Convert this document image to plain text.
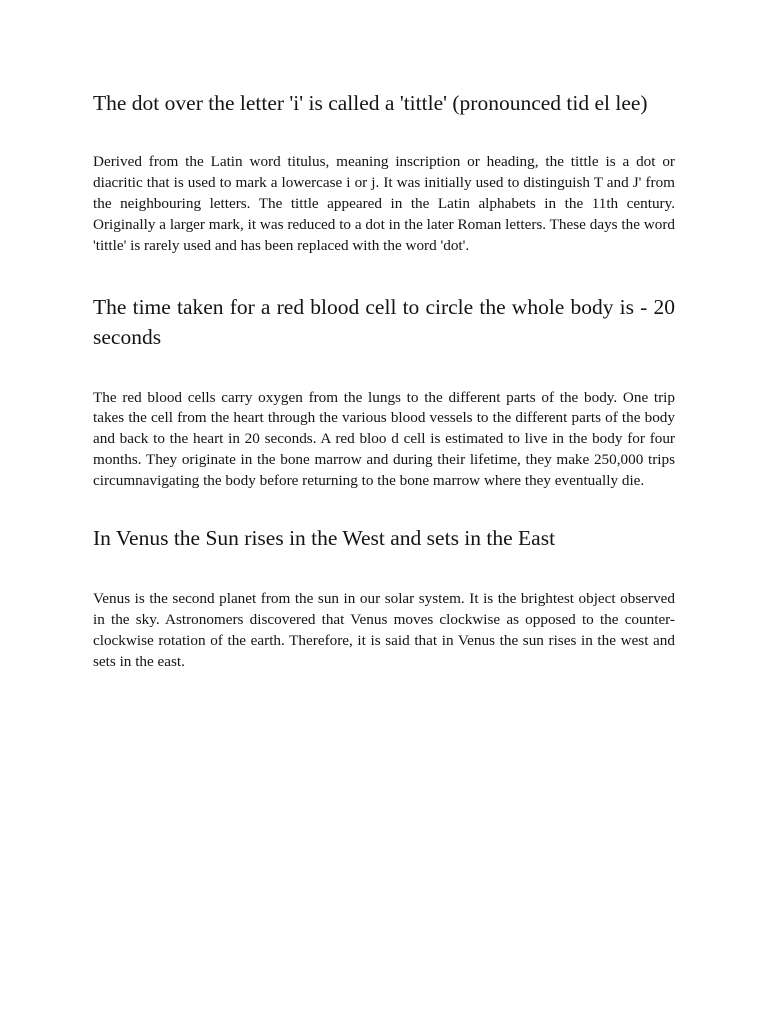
The dot over the letter 'i' is called a 'tittle' (pronounced tid el lee)

Derived from the Latin word titulus, meaning inscription or heading, the tittle is a dot or diacritic that is used to mark a lowercase i or j. It was initially used to distinguish T and J' from the neighbouring letters. The tittle appeared in the Latin alphabets in the 11th century. Originally a larger mark, it was reduced to a dot in the later Roman letters. These days the word 'tittle' is rarely used and has been replaced with the word 'dot'.

The time taken for a red blood cell to circle the whole body is - 20 seconds

The red blood cells carry oxygen from the lungs to the different parts of the body. One trip takes the cell from the heart through the various blood vessels to the different parts of the body and back to the heart in 20 seconds. A red bloo d cell is estimated to live in the body for four months. They originate in the bone marrow and during their lifetime, they make 250,000 trips circumnavigating the body before returning to the bone marrow where they eventually die.

In Venus the Sun rises in the West and sets in the East

Venus is the second planet from the sun in our solar system. It is the brightest object observed in the sky. Astronomers discovered that Venus moves clockwise as opposed to the counter-clockwise rotation of the earth. Therefore, it is said that in Venus the sun rises in the west and sets in the east.
